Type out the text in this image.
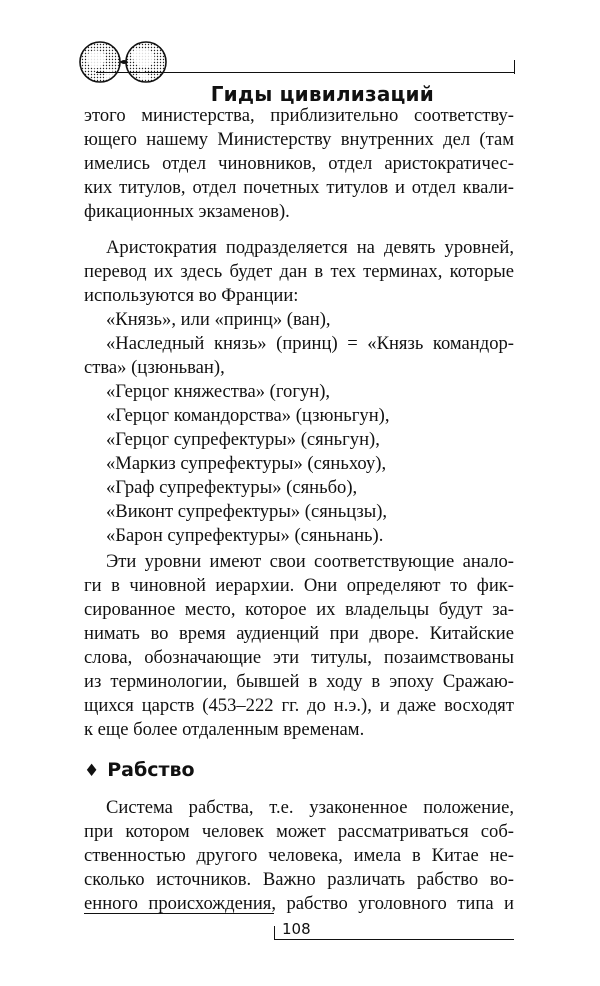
Гиды цивилизаций
этого министерства, приблизительно соответству-
ющего нашему Министерству внутренних дел (там
имелись отдел чиновников, отдел аристократичес-
ких титулов, отдел почетных титулов и отдел квали-
фикационных экзаменов).
Аристократия подразделяется на девять уровней,
перевод их здесь будет дан в тех терминах, которые
используются во Франции:
«Князь», или «принц» (ван),
«Наследный князь» (принц) = «Князь командор-
ства» (цзюньван),
«Герцог княжества» (гогун),
«Герцог командорства» (цзюньгун),
«Герцог супрефектуры» (сяньгун),
«Маркиз супрефектуры» (сяньхоу),
«Граф супрефектуры» (сяньбо),
«Виконт супрефектуры» (сяньцзы),
«Барон супрефектуры» (сяньнань).
Эти уровни имеют свои соответствующие анало-
ги в чиновной иерархии. Они определяют то фик-
сированное место, которое их владельцы будут за-
нимать во время аудиенций при дворе. Китайские
слова, обозначающие эти титулы, позаимствованы
из терминологии, бывшей в ходу в эпоху Сражаю-
щихся царств (453–222 гг. до н.э.), и даже восходят
к еще более отдаленным временам.
♦ Рабство
Система рабства, т.е. узаконенное положение,
при котором человек может рассматриваться соб-
ственностью другого человека, имела в Китае не-
сколько источников. Важно различать рабство во-
енного происхождения, рабство уголовного типа и
108
